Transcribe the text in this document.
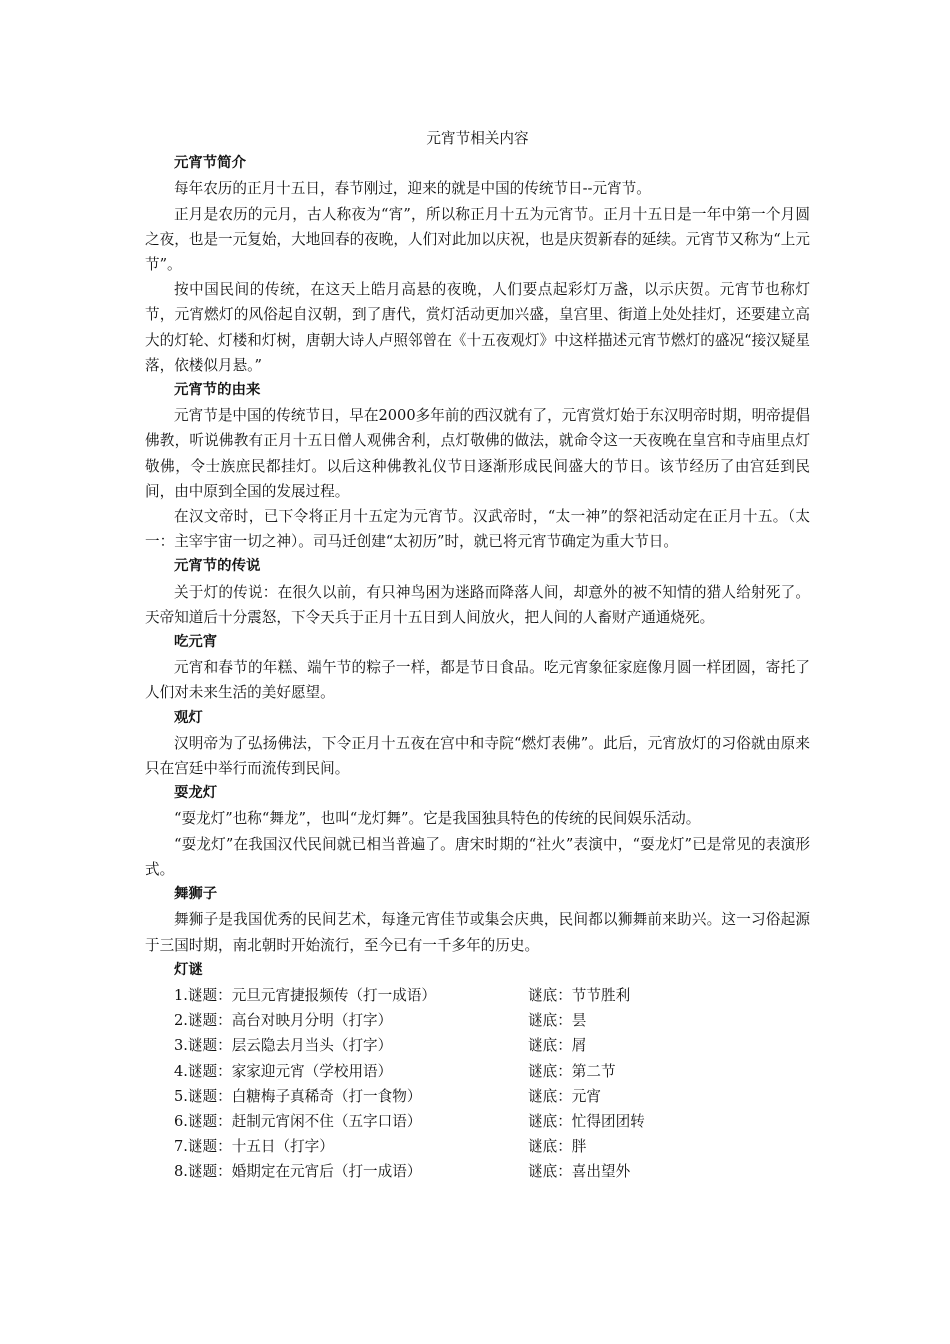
元宵节相关内容
元宵节简介

每年农历的正月十五日，春节刚过，迎来的就是中国的传统节日--元宵节。

正月是农历的元月，古人称夜为“宵”，所以称正月十五为元宵节。正月十五日是一年中第一个月圆之夜，也是一元复始，大地回春的夜晚，人们对此加以庆祝，也是庆贺新春的延续。元宵节又称为“上元节”。

按中国民间的传统，在这天上皓月高悬的夜晚，人们要点起彩灯万盏，以示庆贺。元宵节也称灯节，元宵燃灯的风俗起自汉朝，到了唐代，赏灯活动更加兴盛，皇宫里、街道上处处挂灯，还要建立高大的灯轮、灯楼和灯树，唐朝大诗人卢照邻曾在《十五夜观灯》中这样描述元宵节燃灯的盛况“接汉疑星落，依楼似月悬。”

元宵节的由来

元宵节是中国的传统节日，早在2000多年前的西汉就有了，元宵赏灯始于东汉明帝时期，明帝提倡佛教，听说佛教有正月十五日僧人观佛舍利，点灯敬佛的做法，就命令这一天夜晚在皇宫和寺庙里点灯敬佛，令士族庶民都挂灯。以后这种佛教礼仪节日逐渐形成民间盛大的节日。该节经历了由宫廷到民间，由中原到全国的发展过程。

在汉文帝时，已下令将正月十五定为元宵节。汉武帝时，“太一神”的祭祀活动定在正月十五。（太一：主宰宇宙一切之神）。司马迁创建“太初历”时，就已将元宵节确定为重大节日。

元宵节的传说

关于灯的传说：在很久以前，有只神鸟困为迷路而降落人间，却意外的被不知情的猎人给射死了。天帝知道后十分震怒，下令天兵于正月十五日到人间放火，把人间的人畜财产通通烧死。

吃元宵

元宵和春节的年糕、端午节的粽子一样，都是节日食品。吃元宵象征家庭像月圆一样团圆，寄托了人们对未来生活的美好愿望。

观灯

汉明帝为了弘扬佛法，下令正月十五夜在宫中和寺院“燃灯表佛”。此后，元宵放灯的习俗就由原来只在宫廷中举行而流传到民间。

耍龙灯

“耍龙灯”也称“舞龙”，也叫“龙灯舞”。它是我国独具特色的传统的民间娱乐活动。

“耍龙灯”在我国汉代民间就已相当普遍了。唐宋时期的“社火”表演中，“耍龙灯”已是常见的表演形式。

舞狮子

舞狮子是我国优秀的民间艺术，每逢元宵佳节或集会庆典，民间都以狮舞前来助兴。这一习俗起源于三国时期，南北朝时开始流行，至今已有一千多年的历史。

灯谜
1.谜题：元旦元宵捷报频传（打一成语）	谜底：节节胜利
2.谜题：高台对映月分明（打字）	谜底：昙
3.谜题：层云隐去月当头（打字）	谜底：屑
4.谜题：家家迎元宵（学校用语）	谜底：第二节
5.谜题：白糖梅子真稀奇（打一食物）	谜底：元宵
6.谜题：赶制元宵闲不住（五字口语）	谜底：忙得团团转
7.谜题：十五日（打字）	谜底：胖
8.谜题：婚期定在元宵后（打一成语）	谜底：喜出望外
